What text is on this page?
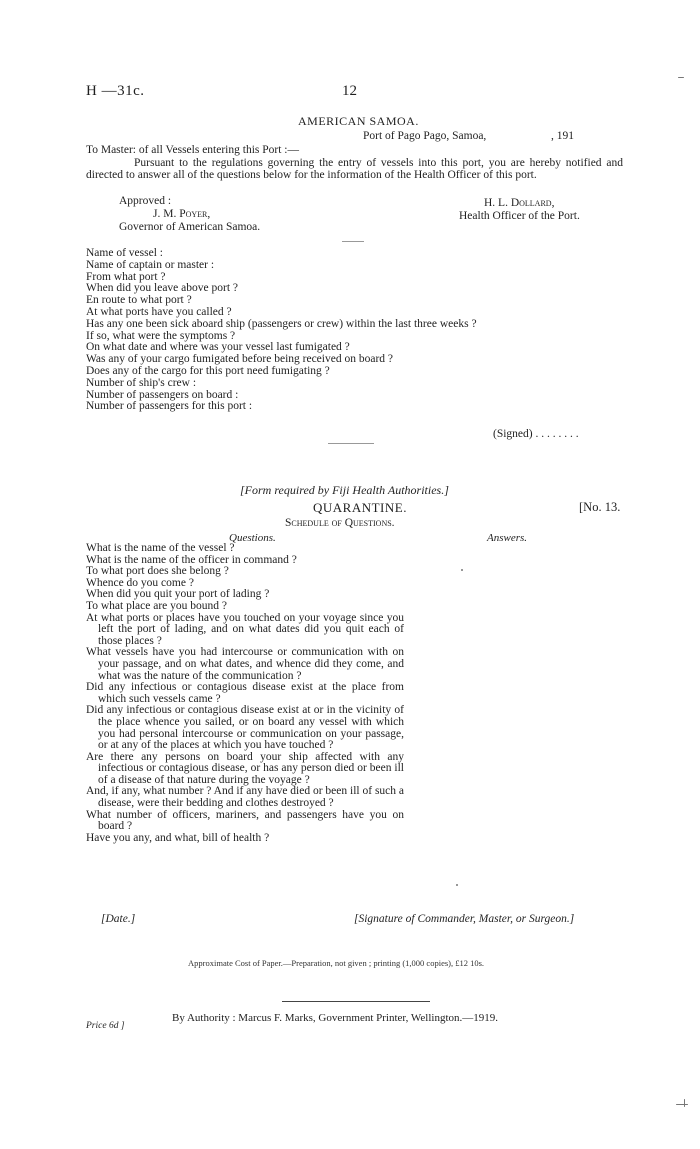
H —31c.	12
AMERICAN SAMOA.
Port of Pago Pago, Samoa,	, 191
To Master: of all Vessels entering this Port :—
Pursuant to the regulations governing the entry of vessels into this port, you are hereby notified and directed to answer all of the questions below for the information of the Health Officer of this port.
Approved :
J. M. Poyer,
Governor of American Samoa.
H. L. Dollard,
Health Officer of the Port.
Name of vessel :
Name of captain or master :
From what port ?
When did you leave above port ?
En route to what port ?
At what ports have you called ?
Has any one been sick aboard ship (passengers or crew) within the last three weeks ?
If so, what were the symptoms ?
On what date and where was your vessel last fumigated ?
Was any of your cargo fumigated before being received on board ?
Does any of the cargo for this port need fumigating ?
Number of ship's crew :
Number of passengers on board :
Number of passengers for this port :
(Signed) . . . . . . . .
[Form required by Fiji Health Authorities.]
QUARANTINE.	[No. 13.
Schedule of Questions.
Questions.	Answers.
What is the name of the vessel ?
What is the name of the officer in command ?
To what port does she belong ?
Whence do you come ?
When did you quit your port of lading ?
To what place are you bound ?
At what ports or places have you touched on your voyage since you left the port of lading, and on what dates did you quit each of those places ?
What vessels have you had intercourse or communication with on your passage, and on what dates, and whence did they come, and what was the nature of the communication ?
Did any infectious or contagious disease exist at the place from which such vessels came ?
Did any infectious or contagious disease exist at or in the vicinity of the place whence you sailed, or on board any vessel with which you had personal intercourse or communication on your passage, or at any of the places at which you have touched ?
Are there any persons on board your ship affected with any infectious or contagious disease, or has any person died or been ill of a disease of that nature during the voyage ?
And, if any, what number ? And if any have died or been ill of such a disease, were their bedding and clothes destroyed ?
What number of officers, mariners, and passengers have you on board ?
Have you any, and what, bill of health ?
[Date.]	[Signature of Commander, Master, or Surgeon.]
Approximate Cost of Paper.—Preparation, not given ; printing (1,000 copies), £12 10s.
By Authority : Marcus F. Marks, Government Printer, Wellington.—1919.
Price 6d ]
